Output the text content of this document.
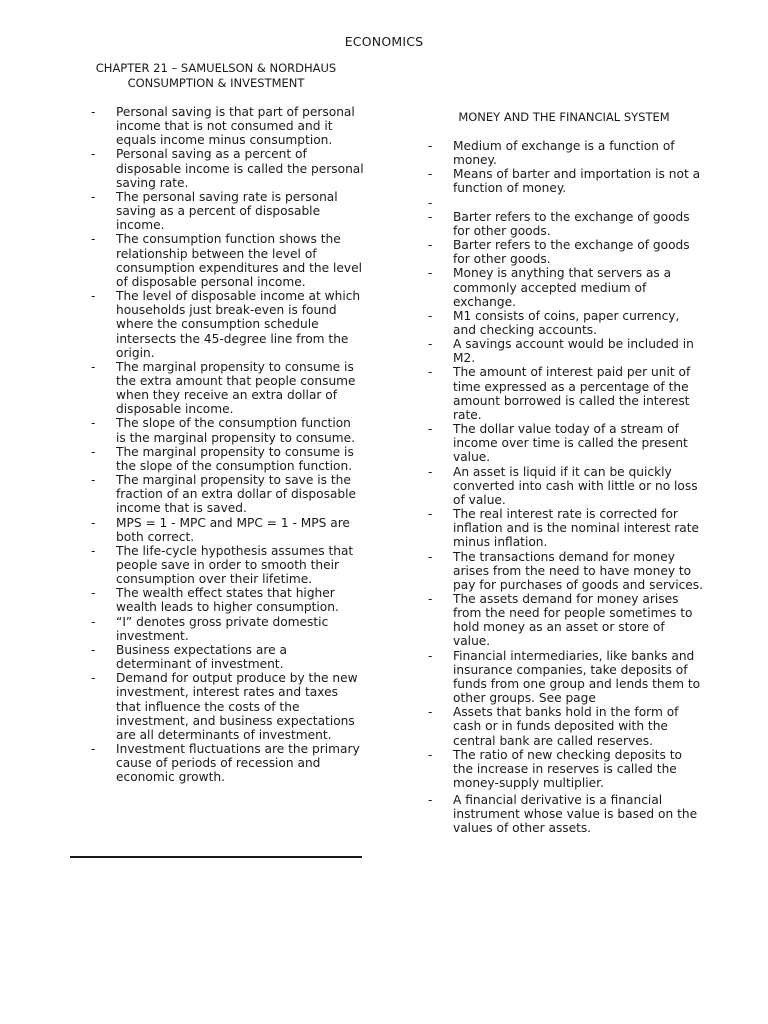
ECONOMICS
CHAPTER 21 – SAMUELSON & NORDHAUS
CONSUMPTION & INVESTMENT
- Personal saving is that part of personal income that is not consumed and it equals income minus consumption.
- Personal saving as a percent of disposable income is called the personal saving rate.
- The personal saving rate is personal saving as a percent of disposable income.
- The consumption function shows the relationship between the level of consumption expenditures and the level of disposable personal income.
- The level of disposable income at which households just break-even is found where the consumption schedule intersects the 45-degree line from the origin.
- The marginal propensity to consume is the extra amount that people consume when they receive an extra dollar of disposable income.
- The slope of the consumption function is the marginal propensity to consume.
- The marginal propensity to consume is the slope of the consumption function.
- The marginal propensity to save is the fraction of an extra dollar of disposable income that is saved.
- MPS = 1 - MPC and MPC = 1 - MPS are both correct.
- The life-cycle hypothesis assumes that people save in order to smooth their consumption over their lifetime.
- The wealth effect states that higher wealth leads to higher consumption.
- “I” denotes gross private domestic investment.
- Business expectations are a determinant of investment.
- Demand for output produce by the new investment, interest rates and taxes that influence the costs of the investment, and business expectations are all determinants of investment.
- Investment fluctuations are the primary cause of periods of recession and economic growth.
MONEY AND THE FINANCIAL SYSTEM
- Medium of exchange is a function of money.
- Means of barter and importation is not a function of money.
-
- Barter refers to the exchange of goods for other goods.
- Barter refers to the exchange of goods for other goods.
- Money is anything that servers as a commonly accepted medium of exchange.
- M1 consists of coins, paper currency, and checking accounts.
- A savings account would be included in M2.
- The amount of interest paid per unit of time expressed as a percentage of the amount borrowed is called the interest rate.
- The dollar value today of a stream of income over time is called the present value.
- An asset is liquid if it can be quickly converted into cash with little or no loss of value.
- The real interest rate is corrected for inflation and is the nominal interest rate minus inflation.
- The transactions demand for money arises from the need to have money to pay for purchases of goods and services.
- The assets demand for money arises from the need for people sometimes to hold money as an asset or store of value.
- Financial intermediaries, like banks and insurance companies, take deposits of funds from one group and lends them to other groups. See page
- Assets that banks hold in the form of cash or in funds deposited with the central bank are called reserves.
- The ratio of new checking deposits to the increase in reserves is called the money-supply multiplier.
- A financial derivative is a financial instrument whose value is based on the values of other assets.
